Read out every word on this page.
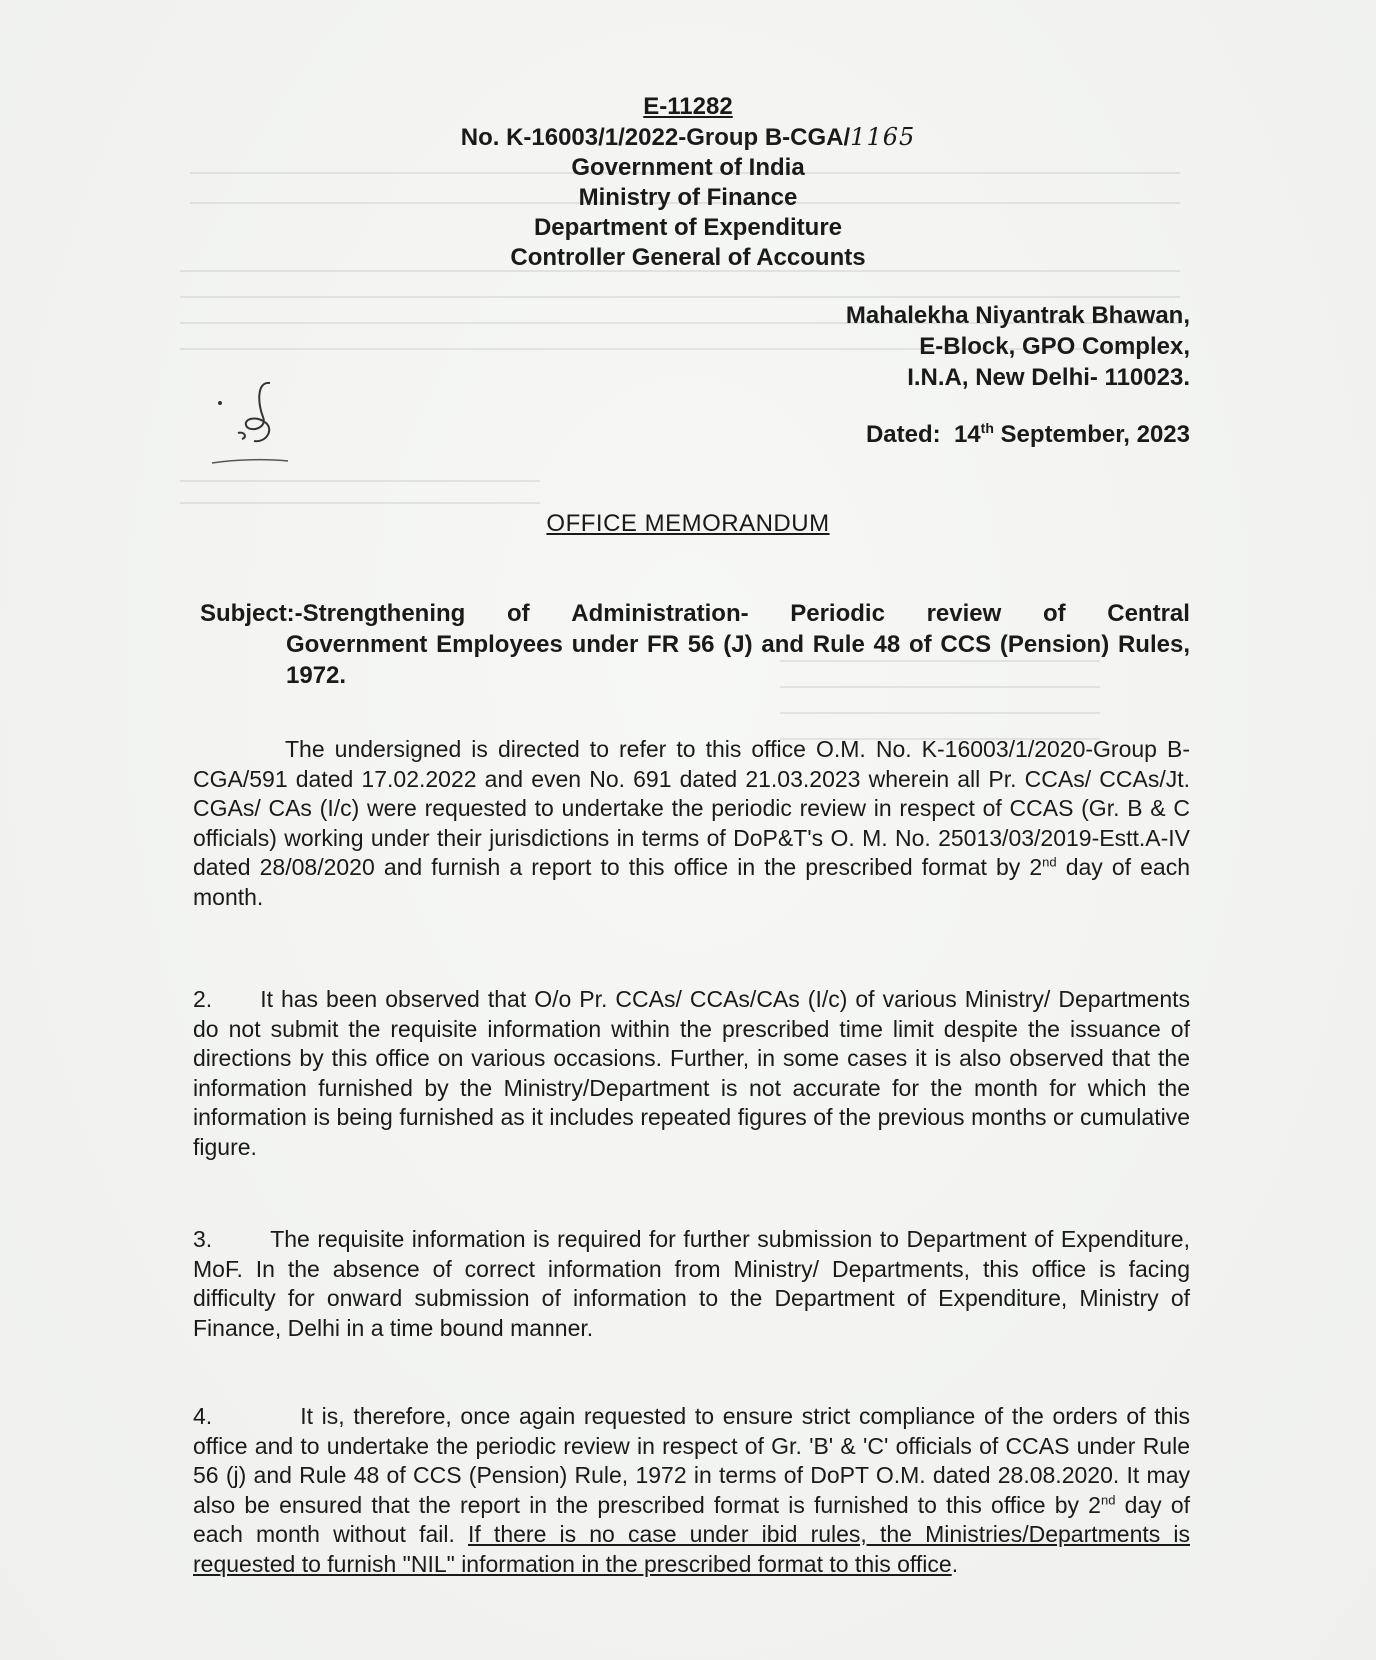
E-11282
No. K-16003/1/2022-Group B-CGA/1165
Government of India
Ministry of Finance
Department of Expenditure
Controller General of Accounts
Mahalekha Niyantrak Bhawan,
E-Block, GPO Complex,
I.N.A, New Delhi- 110023.
Dated: 14th September, 2023
OFFICE MEMORANDUM
Subject:-Strengthening of Administration- Periodic review of Central
Government Employees under FR 56 (J) and Rule 48 of CCS (Pension) Rules, 1972.
The undersigned is directed to refer to this office O.M. No. K-16003/1/2020-Group B-CGA/591 dated 17.02.2022 and even No. 691 dated 21.03.2023 wherein all Pr. CCAs/ CCAs/Jt. CGAs/ CAs (I/c) were requested to undertake the periodic review in respect of CCAS (Gr. B & C officials) working under their jurisdictions in terms of DoP&T's O. M. No. 25013/03/2019-Estt.A-IV dated 28/08/2020 and furnish a report to this office in the prescribed format by 2nd day of each month.
2. It has been observed that O/o Pr. CCAs/ CCAs/CAs (I/c) of various Ministry/ Departments do not submit the requisite information within the prescribed time limit despite the issuance of directions by this office on various occasions. Further, in some cases it is also observed that the information furnished by the Ministry/Department is not accurate for the month for which the information is being furnished as it includes repeated figures of the previous months or cumulative figure.
3.	The requisite information is required for further submission to Department of Expenditure, MoF. In the absence of correct information from Ministry/ Departments, this office is facing difficulty for onward submission of information to the Department of Expenditure, Ministry of Finance, Delhi in a time bound manner.
4.	It is, therefore, once again requested to ensure strict compliance of the orders of this office and to undertake the periodic review in respect of Gr. 'B' & 'C' officials of CCAS under Rule 56 (j) and Rule 48 of CCS (Pension) Rule, 1972 in terms of DoPT O.M. dated 28.08.2020. It may also be ensured that the report in the prescribed format is furnished to this office by 2nd day of each month without fail. If there is no case under ibid rules, the Ministries/Departments is requested to furnish "NIL" information in the prescribed format to this office.
